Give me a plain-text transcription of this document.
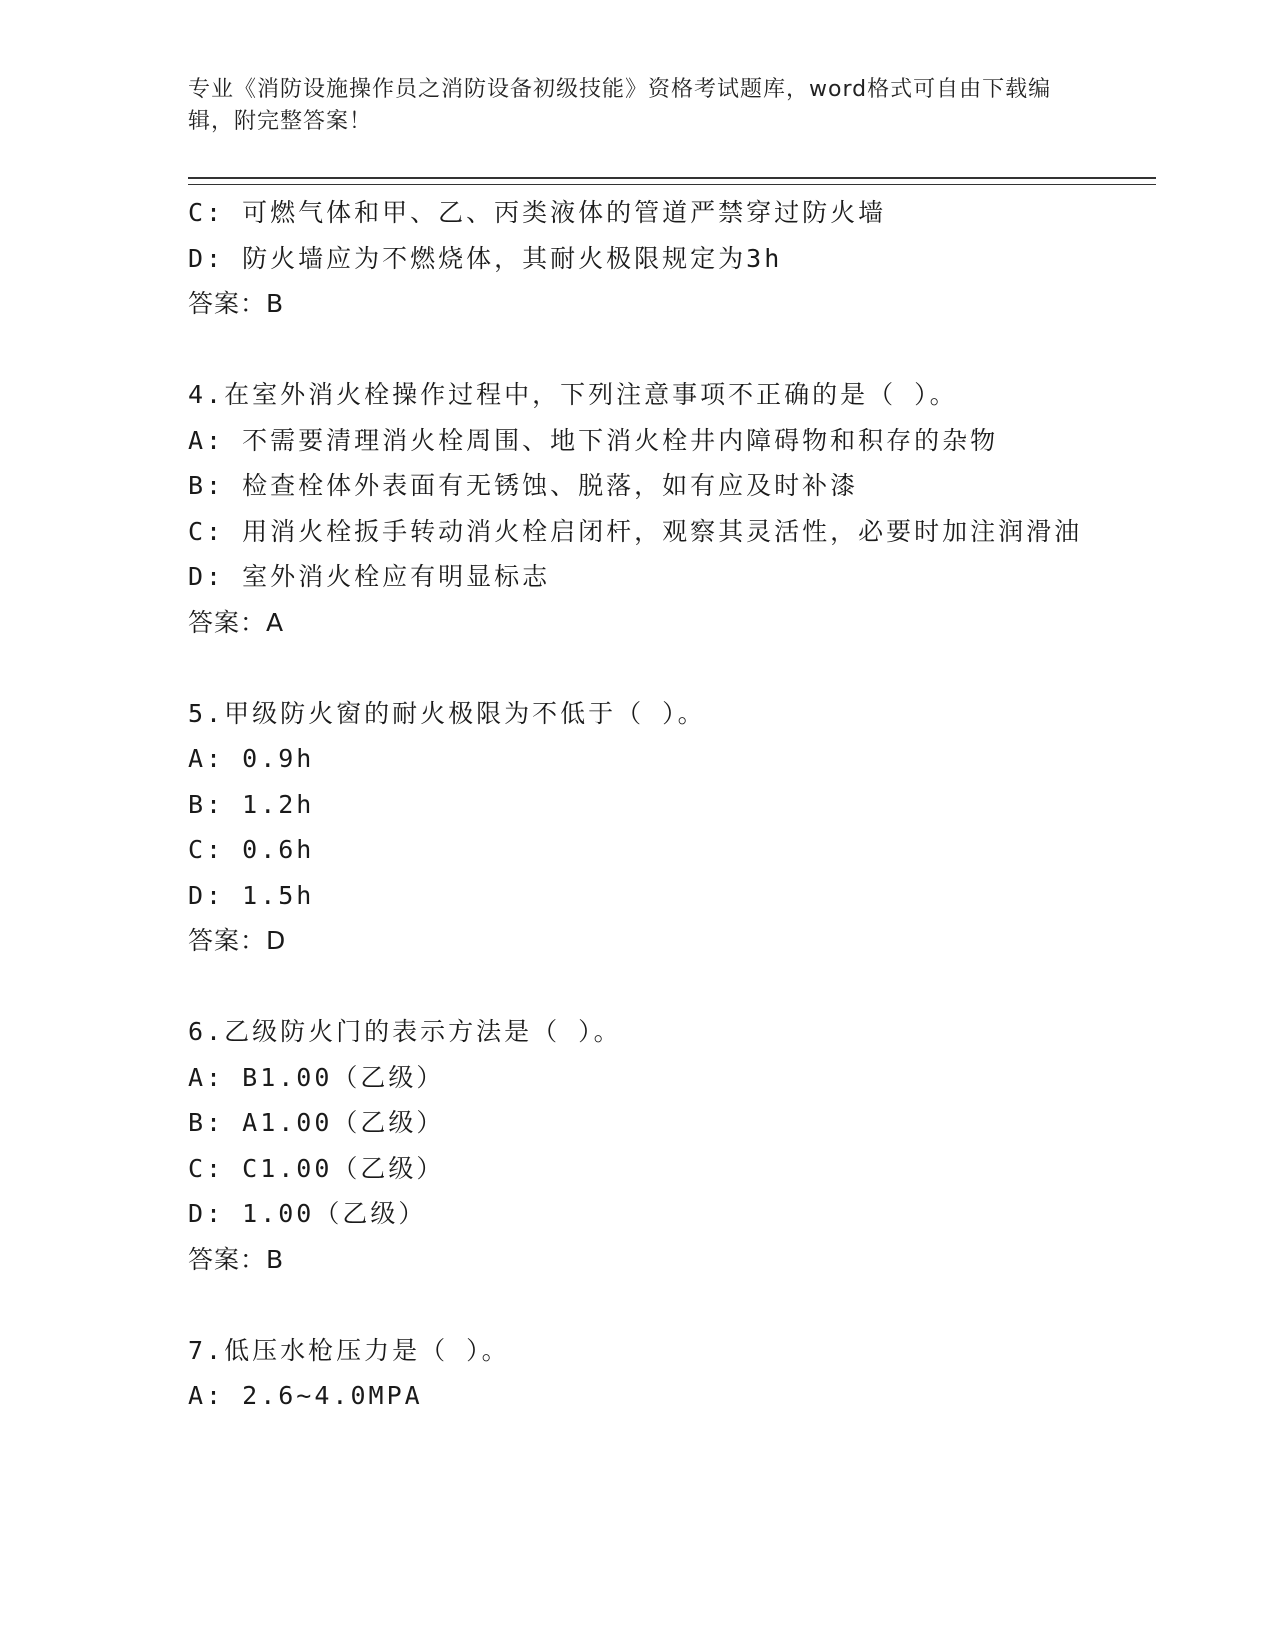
专业《消防设施操作员之消防设备初级技能》资格考试题库，word格式可自由下载编辑，附完整答案！
C: 可燃气体和甲、乙、丙类液体的管道严禁穿过防火墙
D: 防火墙应为不燃烧体，其耐火极限规定为3h
答案：B
4.在室外消火栓操作过程中，下列注意事项不正确的是（ ）。
A: 不需要清理消火栓周围、地下消火栓井内障碍物和积存的杂物
B: 检查栓体外表面有无锈蚀、脱落，如有应及时补漆
C: 用消火栓扳手转动消火栓启闭杆，观察其灵活性，必要时加注润滑油
D: 室外消火栓应有明显标志
答案：A
5.甲级防火窗的耐火极限为不低于（ ）。
A: 0.9h
B: 1.2h
C: 0.6h
D: 1.5h
答案：D
6.乙级防火门的表示方法是（ ）。
A: B1.00（乙级）
B: A1.00（乙级）
C: C1.00（乙级）
D: 1.00（乙级）
答案：B
7.低压水枪压力是（ ）。
A: 2.6~4.0MPA
